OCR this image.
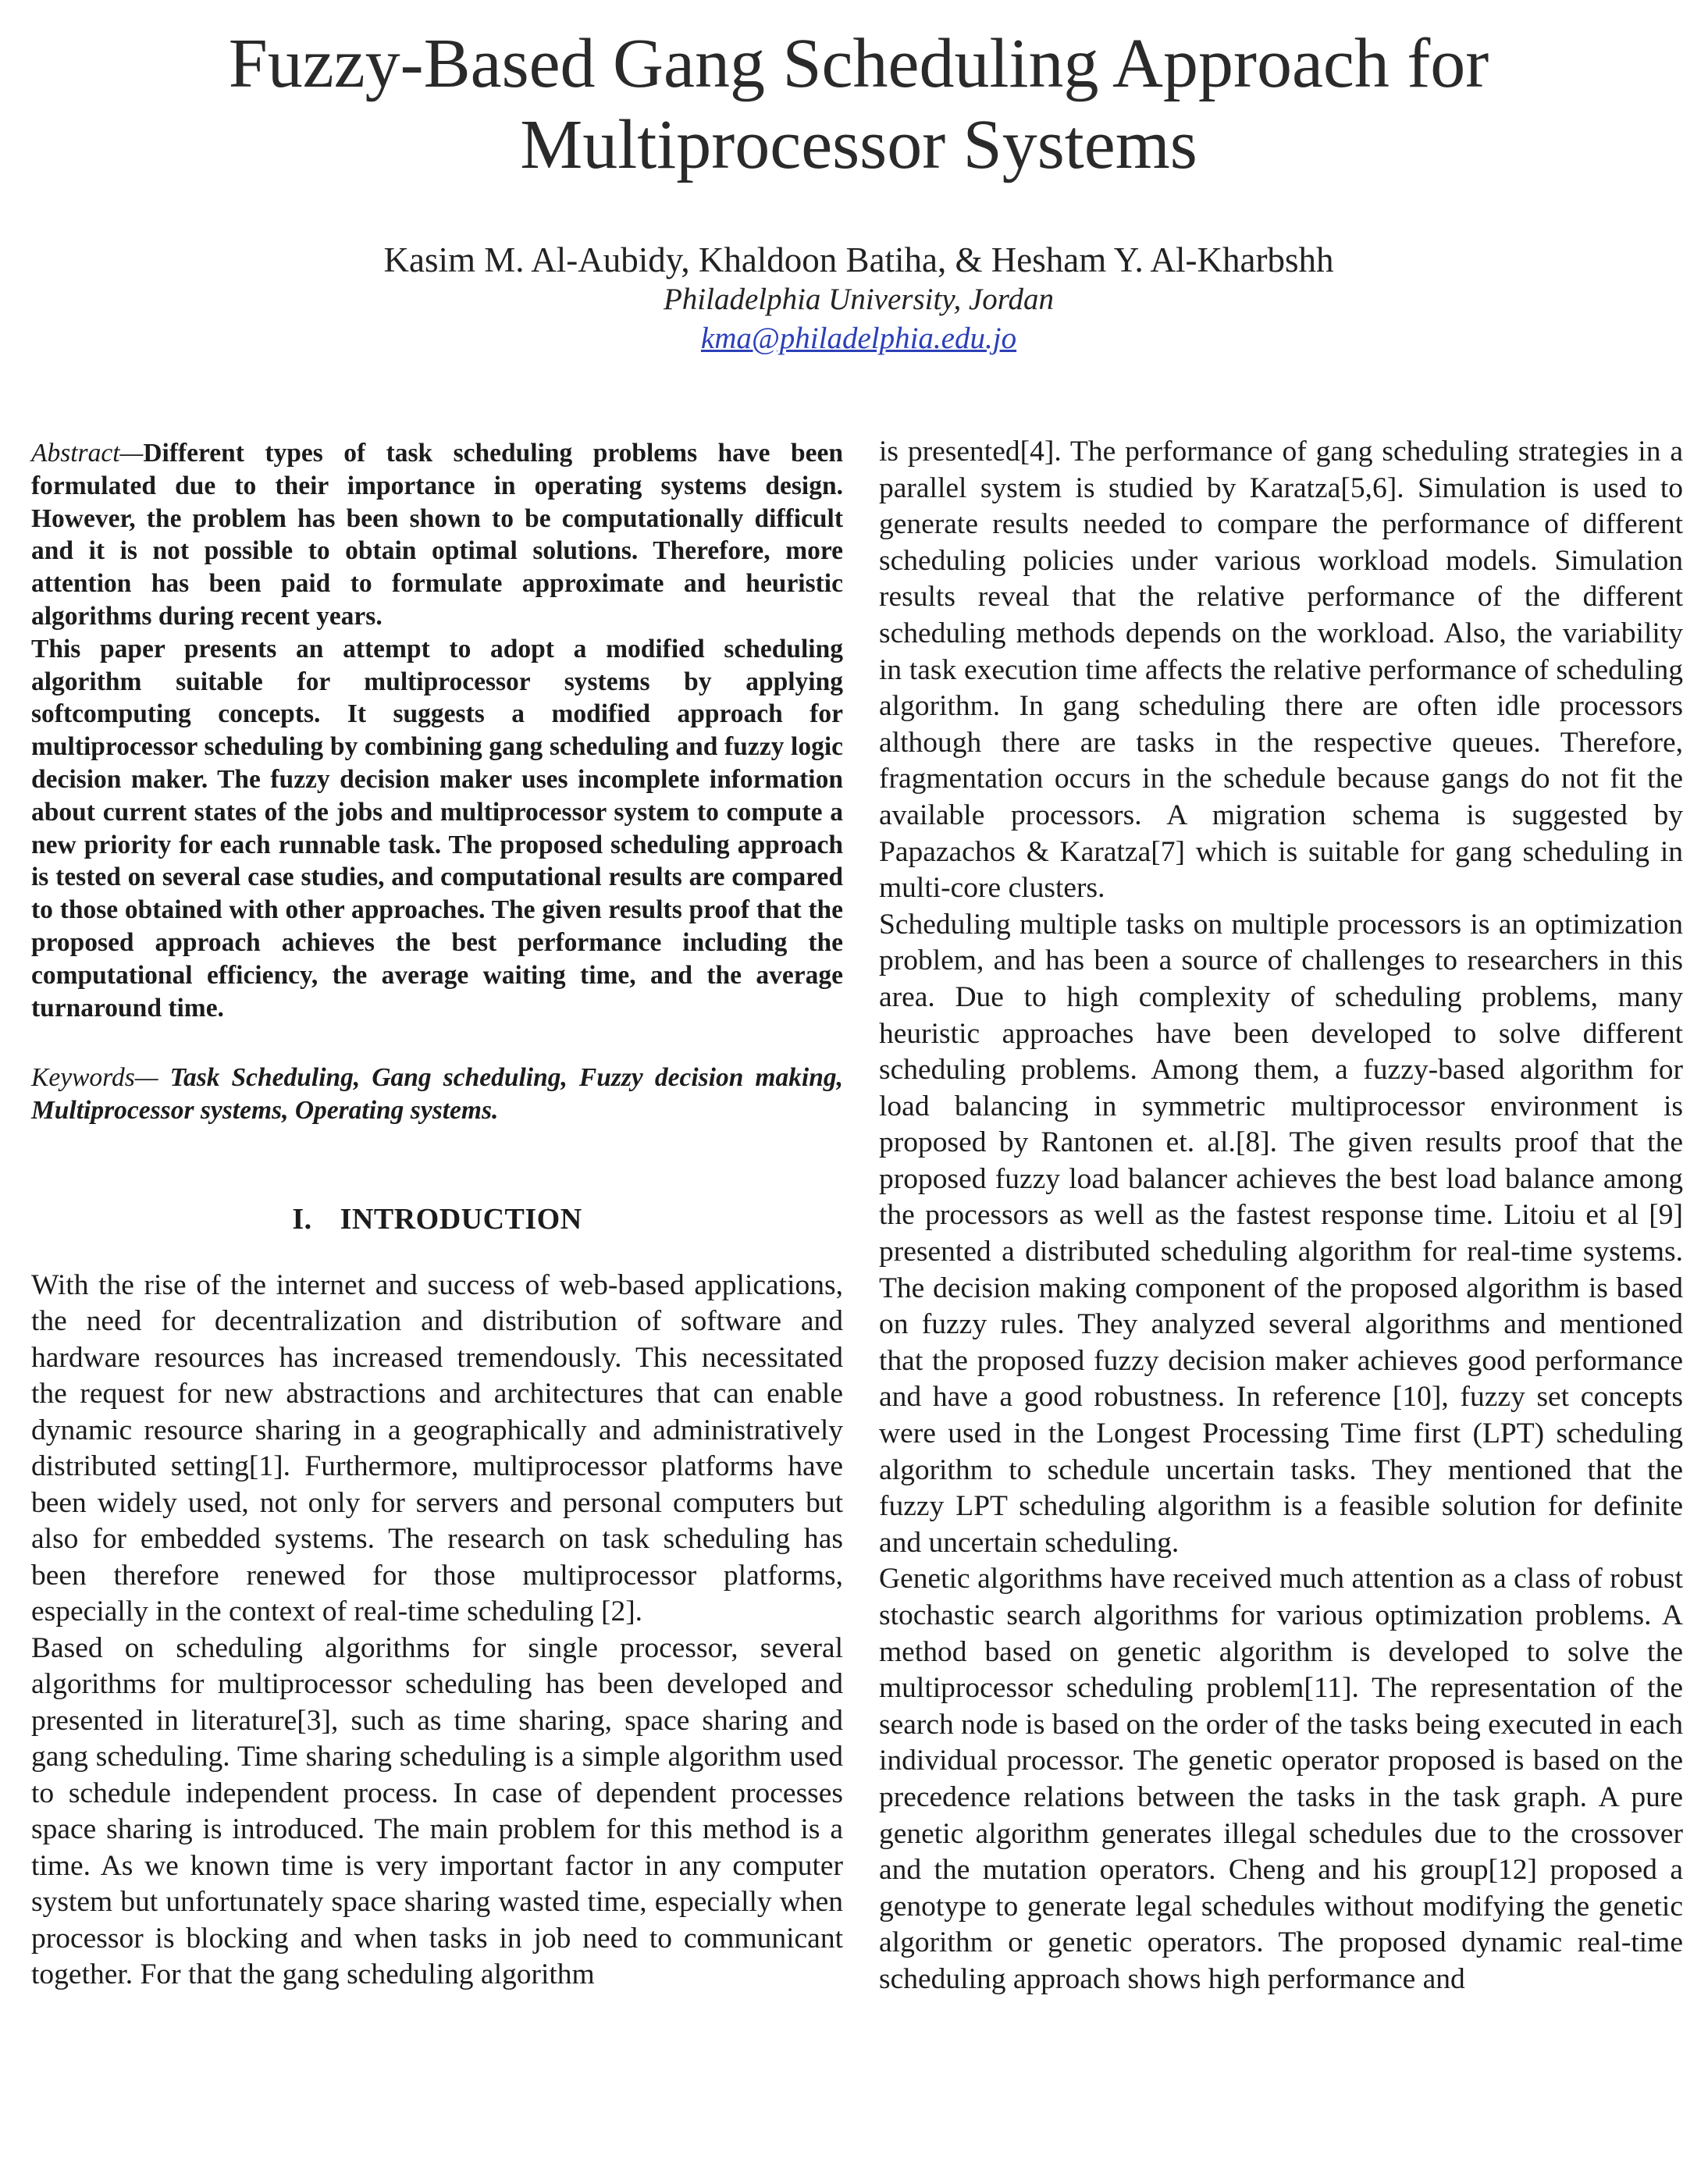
Fuzzy-Based Gang Scheduling Approach for
Multiprocessor Systems
Kasim M. Al-Aubidy, Khaldoon Batiha, & Hesham Y. Al-Kharbshh
Philadelphia University, Jordan
kma@philadelphia.edu.jo

Abstract—Different types of task scheduling problems have been formulated due to their importance in operating systems design. However, the problem has been shown to be computationally difficult and it is not possible to obtain optimal solutions. Therefore, more attention has been paid to formulate approximate and heuristic algorithms during recent years.

This paper presents an attempt to adopt a modified scheduling algorithm suitable for multiprocessor systems by applying softcomputing concepts. It suggests a modified approach for multiprocessor scheduling by combining gang scheduling and fuzzy logic decision maker. The fuzzy decision maker uses incomplete information about current states of the jobs and multiprocessor system to compute a new priority for each runnable task. The proposed scheduling approach is tested on several case studies, and computational results are compared to those obtained with other approaches. The given results proof that the proposed approach achieves the best performance including the computational efficiency, the average waiting time, and the average turnaround time.

Keywords— Task Scheduling, Gang scheduling, Fuzzy decision making, Multiprocessor systems, Operating systems.
I. INTRODUCTION

With the rise of the internet and success of web-based applications, the need for decentralization and distribution of software and hardware resources has increased tremendously. This necessitated the request for new abstractions and architectures that can enable dynamic resource sharing in a geographically and administratively distributed setting[1]. Furthermore, multiprocessor platforms have been widely used, not only for servers and personal computers but also for embedded systems. The research on task scheduling has been therefore renewed for those multiprocessor platforms, especially in the context of real-time scheduling [2].

Based on scheduling algorithms for single processor, several algorithms for multiprocessor scheduling has been developed and presented in literature[3], such as time sharing, space sharing and gang scheduling. Time sharing scheduling is a simple algorithm used to schedule independent process. In case of dependent processes space sharing is introduced. The main problem for this method is a time. As we known time is very important factor in any computer system but unfortunately space sharing wasted time, especially when processor is blocking and when tasks in job need to communicant together. For that the gang scheduling algorithm

is presented[4]. The performance of gang scheduling strategies in a parallel system is studied by Karatza[5,6]. Simulation is used to generate results needed to compare the performance of different scheduling policies under various workload models. Simulation results reveal that the relative performance of the different scheduling methods depends on the workload. Also, the variability in task execution time affects the relative performance of scheduling algorithm. In gang scheduling there are often idle processors although there are tasks in the respective queues. Therefore, fragmentation occurs in the schedule because gangs do not fit the available processors. A migration schema is suggested by Papazachos & Karatza[7] which is suitable for gang scheduling in multi-core clusters.

Scheduling multiple tasks on multiple processors is an optimization problem, and has been a source of challenges to researchers in this area. Due to high complexity of scheduling problems, many heuristic approaches have been developed to solve different scheduling problems. Among them, a fuzzy-based algorithm for load balancing in symmetric multiprocessor environment is proposed by Rantonen et. al.[8]. The given results proof that the proposed fuzzy load balancer achieves the best load balance among the processors as well as the fastest response time. Litoiu et al [9] presented a distributed scheduling algorithm for real-time systems. The decision making component of the proposed algorithm is based on fuzzy rules. They analyzed several algorithms and mentioned that the proposed fuzzy decision maker achieves good performance and have a good robustness. In reference [10], fuzzy set concepts were used in the Longest Processing Time first (LPT) scheduling algorithm to schedule uncertain tasks. They mentioned that the fuzzy LPT scheduling algorithm is a feasible solution for definite and uncertain scheduling.

Genetic algorithms have received much attention as a class of robust stochastic search algorithms for various optimization problems. A method based on genetic algorithm is developed to solve the multiprocessor scheduling problem[11]. The representation of the search node is based on the order of the tasks being executed in each individual processor. The genetic operator proposed is based on the precedence relations between the tasks in the task graph. A pure genetic algorithm generates illegal schedules due to the crossover and the mutation operators. Cheng and his group[12] proposed a genotype to generate legal schedules without modifying the genetic algorithm or genetic operators. The proposed dynamic real-time scheduling approach shows high performance and
